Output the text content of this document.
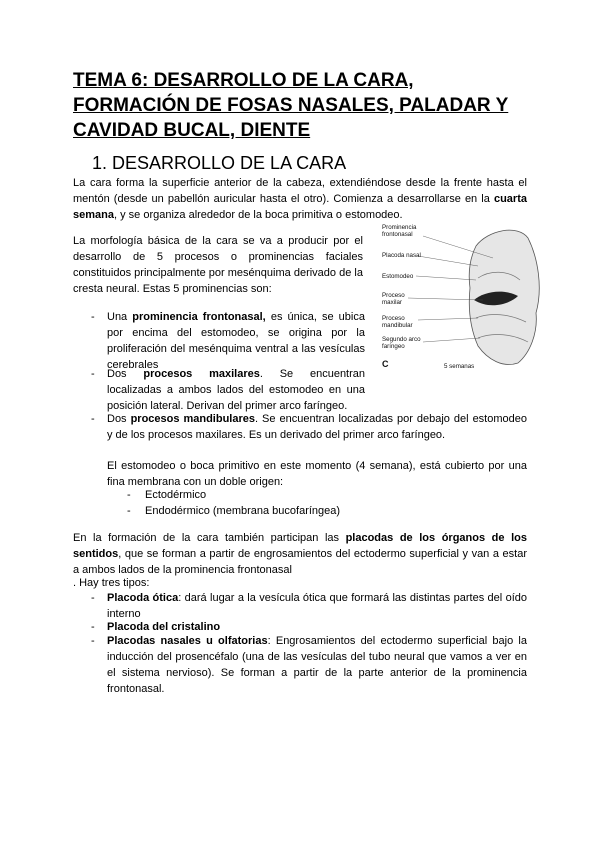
TEMA 6: DESARROLLO DE LA CARA, FORMACIÓN DE FOSAS NASALES, PALADAR Y CAVIDAD BUCAL, DIENTE
1. DESARROLLO DE LA CARA
La cara forma la superficie anterior de la cabeza, extendiéndose desde la frente hasta el mentón (desde un pabellón auricular hasta el otro). Comienza a desarrollarse en la cuarta semana, y se organiza alrededor de la boca primitiva o estomodeo.
La morfología básica de la cara se va a producir por el desarrollo de 5 procesos o prominencias faciales constituidos principalmente por mesénquima derivado de la cresta neural. Estas 5 prominencias son:
Prominencia frontonasal
Placoda nasal
Estomodeo
Proceso maxilar
Proceso mandibular
Segundo arco faríngeo
C	5 semanas
- Una prominencia frontonasal, es única, se ubica por encima del estomodeo, se origina por la proliferación del mesénquima ventral a las vesículas cerebrales
- Dos procesos maxilares. Se encuentran localizadas a ambos lados del estomodeo en una posición lateral. Derivan del primer arco faríngeo.
- Dos procesos mandibulares. Se encuentran localizadas por debajo del estomodeo y de los procesos maxilares. Es un derivado del primer arco faríngeo.
El estomodeo o boca primitivo en este momento (4 semana), está cubierto por una fina membrana con un doble origen:
- Ectodérmico
- Endodérmico (membrana bucofaríngea)
En la formación de la cara también participan las placodas de los órganos de los sentidos, que se forman a partir de engrosamientos del ectodermo superficial y van a estar a ambos lados de la prominencia frontonasal
. Hay tres tipos:
- Placoda ótica: dará lugar a la vesícula ótica que formará las distintas partes del oído interno
- Placoda del cristalino
- Placodas nasales u olfatorias: Engrosamientos del ectodermo superficial bajo la inducción del prosencéfalo (una de las vesículas del tubo neural que vamos a ver en el sistema nervioso). Se forman a partir de la parte anterior de la prominencia frontonasal.
